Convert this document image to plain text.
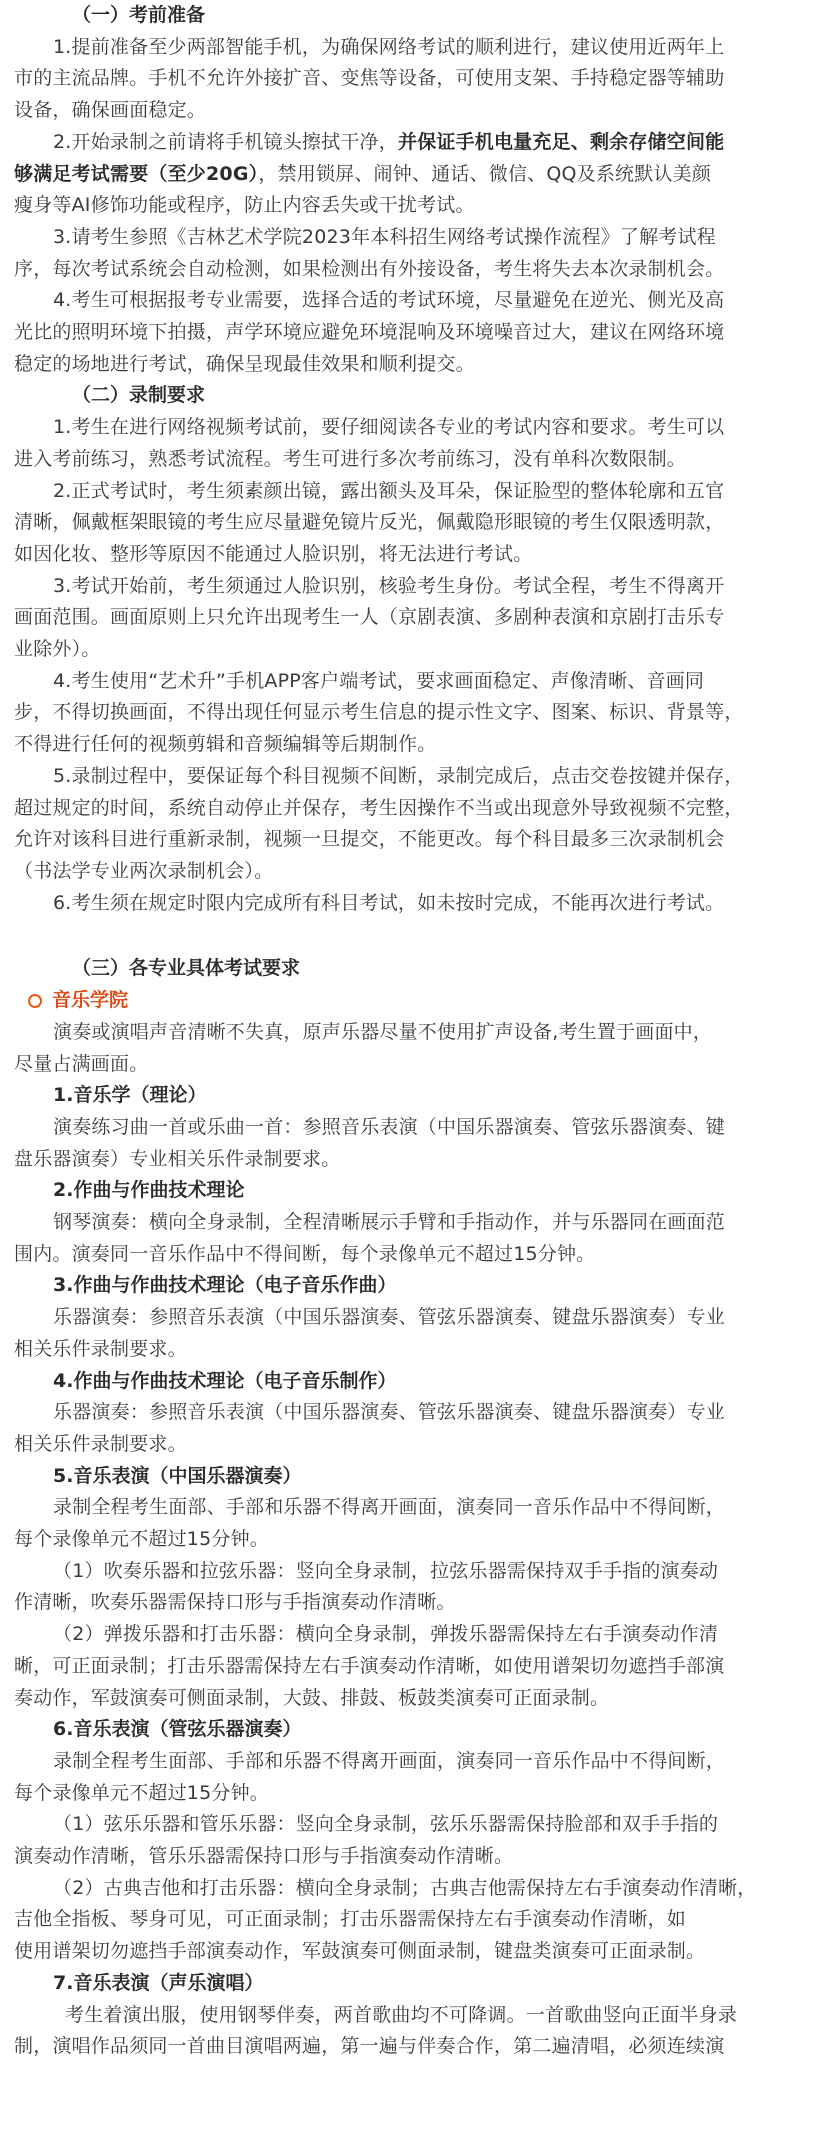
（一）考前准备
1.提前准备至少两部智能手机，为确保网络考试的顺利进行，建议使用近两年上
市的主流品牌。手机不允许外接扩音、变焦等设备，可使用支架、手持稳定器等辅助
设备，确保画面稳定。
2.开始录制之前请将手机镜头擦拭干净，并保证手机电量充足、剩余存储空间能
够满足考试需要（至少20G），禁用锁屏、闹钟、通话、微信、QQ及系统默认美颜
瘦身等AI修饰功能或程序，防止内容丢失或干扰考试。
3.请考生参照《吉林艺术学院2023年本科招生网络考试操作流程》了解考试程
序，每次考试系统会自动检测，如果检测出有外接设备，考生将失去本次录制机会。
4.考生可根据报考专业需要，选择合适的考试环境，尽量避免在逆光、侧光及高
光比的照明环境下拍摄，声学环境应避免环境混响及环境噪音过大，建议在网络环境
稳定的场地进行考试，确保呈现最佳效果和顺利提交。
（二）录制要求
1.考生在进行网络视频考试前，要仔细阅读各专业的考试内容和要求。考生可以
进入考前练习，熟悉考试流程。考生可进行多次考前练习，没有单科次数限制。
2.正式考试时，考生须素颜出镜，露出额头及耳朵，保证脸型的整体轮廓和五官
清晰，佩戴框架眼镜的考生应尽量避免镜片反光，佩戴隐形眼镜的考生仅限透明款，
如因化妆、整形等原因不能通过人脸识别，将无法进行考试。
3.考试开始前，考生须通过人脸识别，核验考生身份。考试全程，考生不得离开
画面范围。画面原则上只允许出现考生一人（京剧表演、多剧种表演和京剧打击乐专
业除外）。
4.考生使用“艺术升”手机APP客户端考试，要求画面稳定、声像清晰、音画同
步，不得切换画面，不得出现任何显示考生信息的提示性文字、图案、标识、背景等，
不得进行任何的视频剪辑和音频编辑等后期制作。
5.录制过程中，要保证每个科目视频不间断，录制完成后，点击交卷按键并保存，
超过规定的时间，系统自动停止并保存，考生因操作不当或出现意外导致视频不完整，
允许对该科目进行重新录制，视频一旦提交，不能更改。每个科目最多三次录制机会
（书法学专业两次录制机会）。
6.考生须在规定时限内完成所有科目考试，如未按时完成，不能再次进行考试。
（三）各专业具体考试要求
音乐学院
演奏或演唱声音清晰不失真，原声乐器尽量不使用扩声设备,考生置于画面中，
尽量占满画面。
1.音乐学（理论）
演奏练习曲一首或乐曲一首：参照音乐表演（中国乐器演奏、管弦乐器演奏、键
盘乐器演奏）专业相关乐件录制要求。
2.作曲与作曲技术理论
钢琴演奏：横向全身录制，全程清晰展示手臂和手指动作，并与乐器同在画面范
围内。演奏同一音乐作品中不得间断，每个录像单元不超过15分钟。
3.作曲与作曲技术理论（电子音乐作曲）
乐器演奏：参照音乐表演（中国乐器演奏、管弦乐器演奏、键盘乐器演奏）专业
相关乐件录制要求。
4.作曲与作曲技术理论（电子音乐制作）
乐器演奏：参照音乐表演（中国乐器演奏、管弦乐器演奏、键盘乐器演奏）专业
相关乐件录制要求。
5.音乐表演（中国乐器演奏）
录制全程考生面部、手部和乐器不得离开画面，演奏同一音乐作品中不得间断，
每个录像单元不超过15分钟。
（1）吹奏乐器和拉弦乐器：竖向全身录制，拉弦乐器需保持双手手指的演奏动
作清晰，吹奏乐器需保持口形与手指演奏动作清晰。
（2）弹拨乐器和打击乐器：横向全身录制，弹拨乐器需保持左右手演奏动作清
晰，可正面录制；打击乐器需保持左右手演奏动作清晰，如使用谱架切勿遮挡手部演
奏动作，军鼓演奏可侧面录制，大鼓、排鼓、板鼓类演奏可正面录制。
6.音乐表演（管弦乐器演奏）
录制全程考生面部、手部和乐器不得离开画面，演奏同一音乐作品中不得间断，
每个录像单元不超过15分钟。
（1）弦乐乐器和管乐乐器：竖向全身录制，弦乐乐器需保持脸部和双手手指的
演奏动作清晰，管乐乐器需保持口形与手指演奏动作清晰。
（2）古典吉他和打击乐器：横向全身录制；古典吉他需保持左右手演奏动作清晰，
吉他全指板、琴身可见，可正面录制；打击乐器需保持左右手演奏动作清晰，如
使用谱架切勿遮挡手部演奏动作，军鼓演奏可侧面录制，键盘类演奏可正面录制。
7.音乐表演（声乐演唱）
考生着演出服，使用钢琴伴奏，两首歌曲均不可降调。一首歌曲竖向正面半身录
制，演唱作品须同一首曲目演唱两遍，第一遍与伴奏合作，第二遍清唱，必须连续演
